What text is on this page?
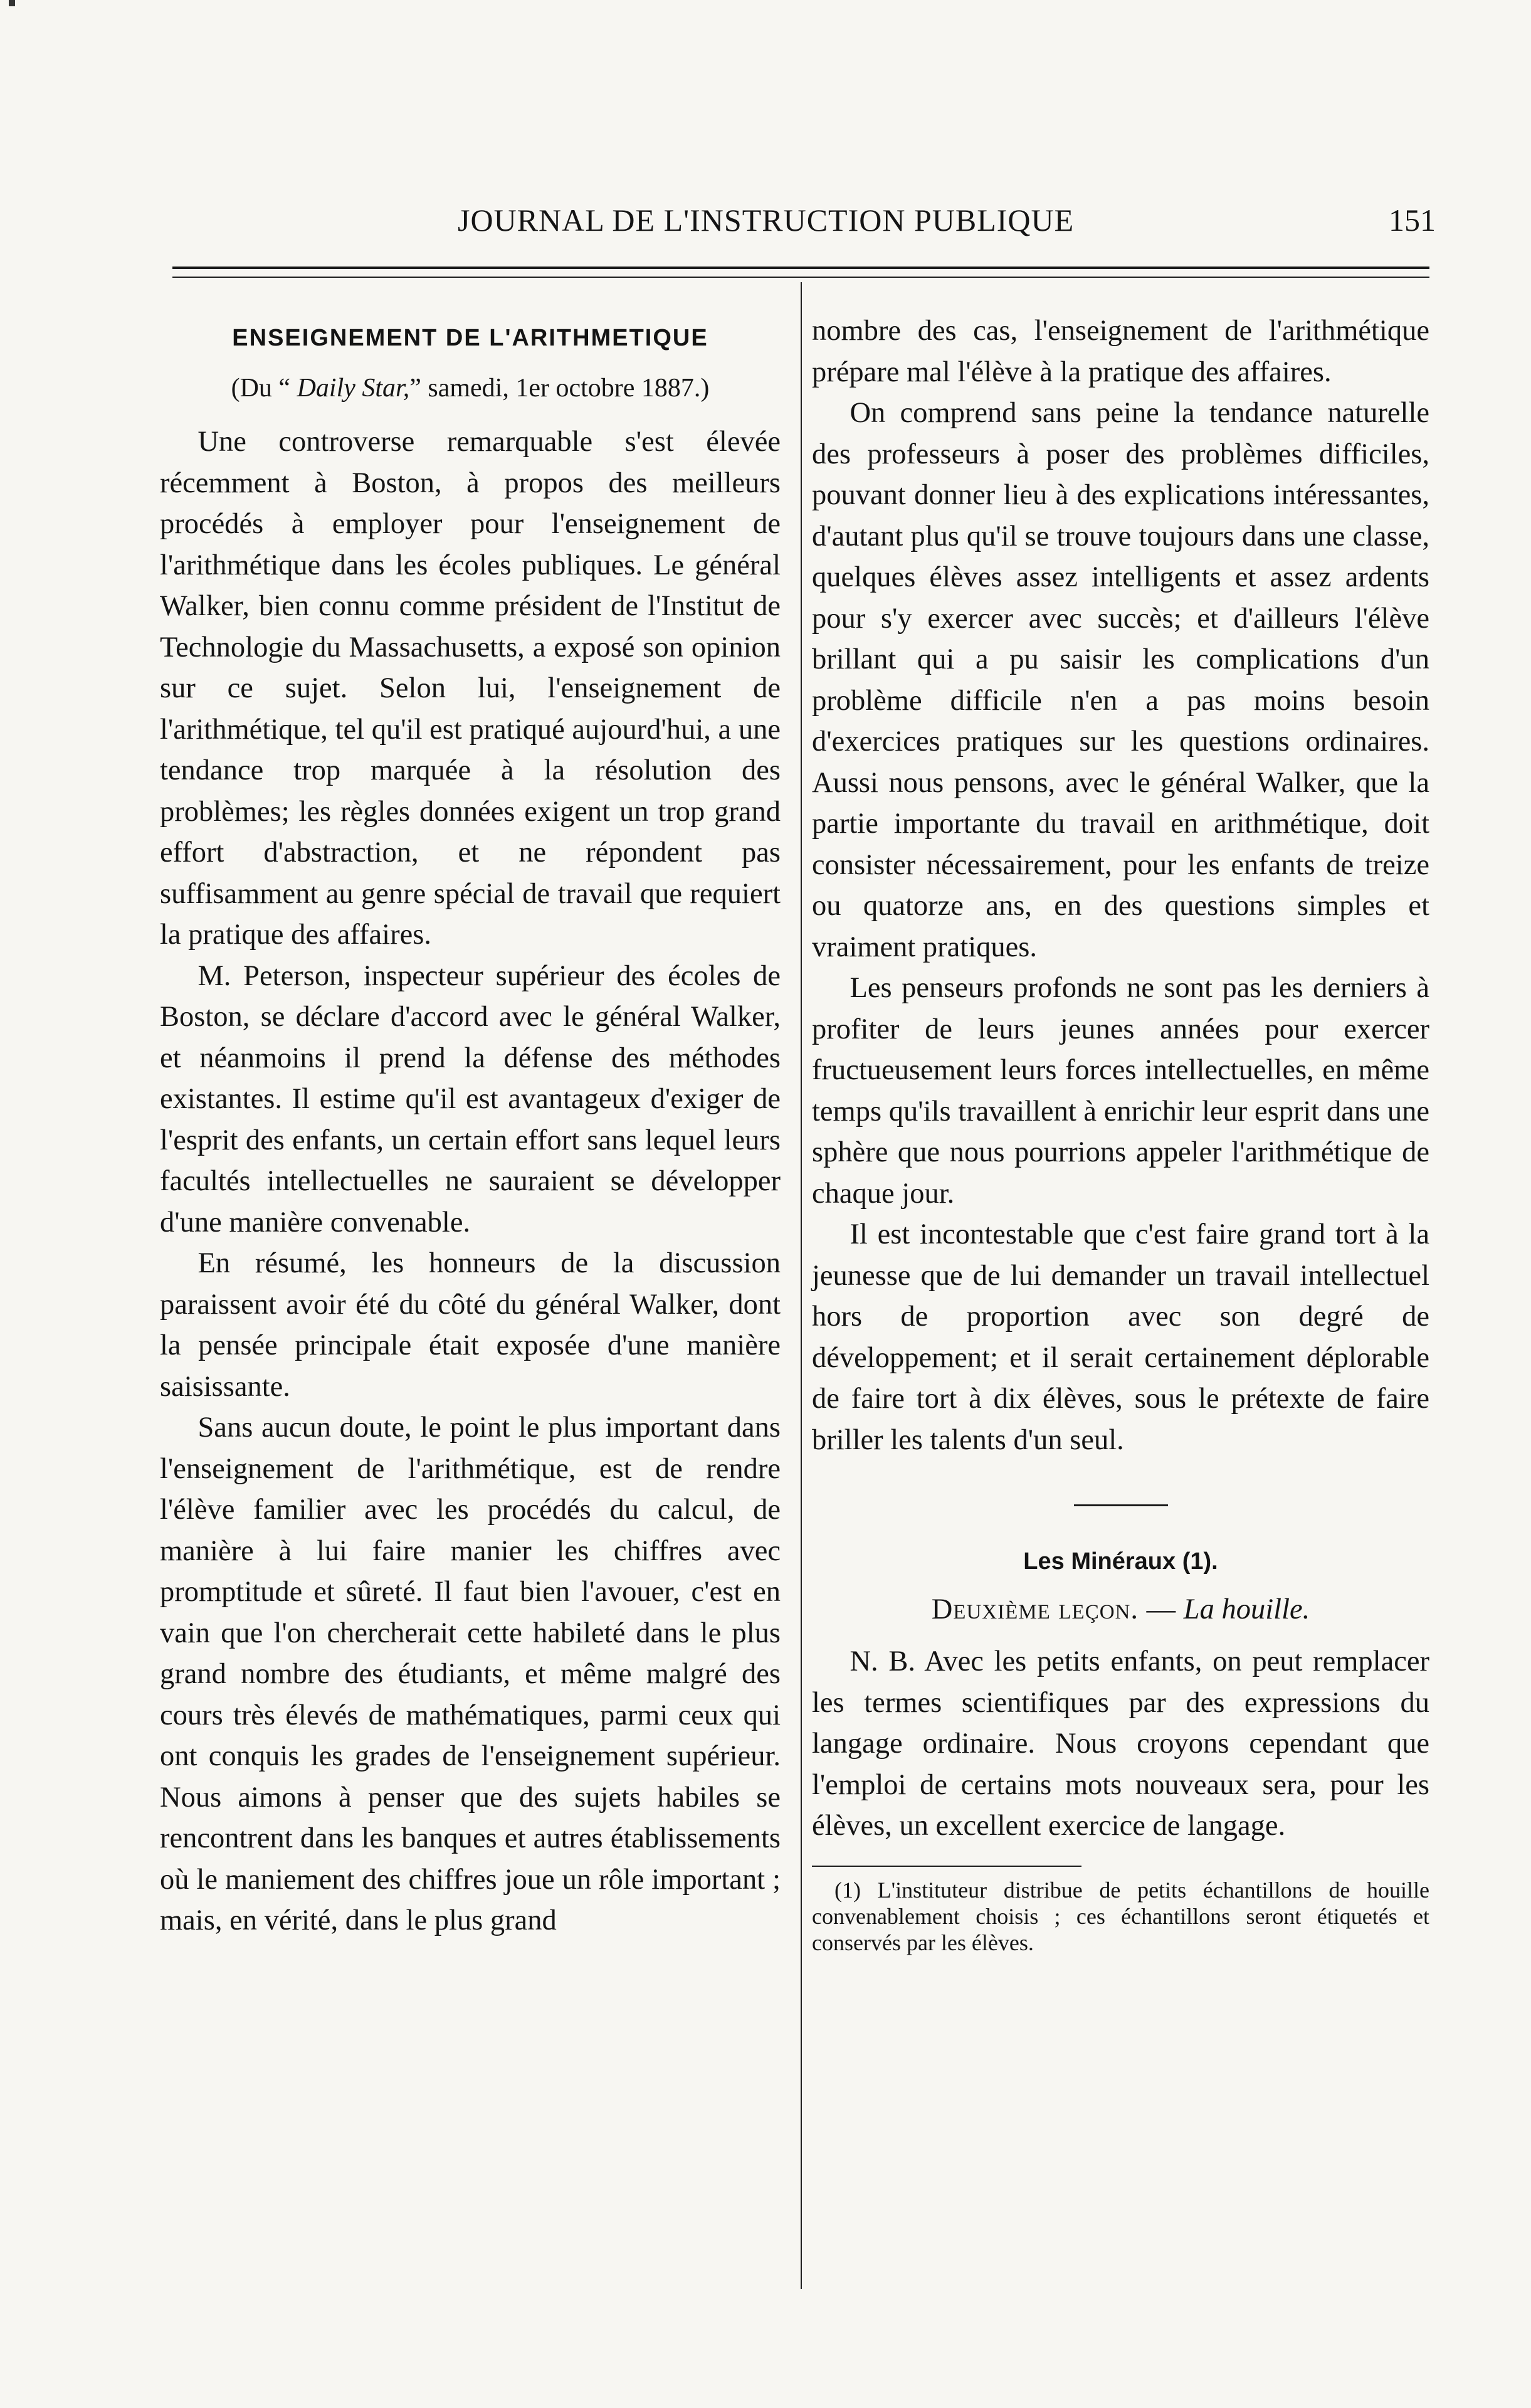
JOURNAL DE L'INSTRUCTION PUBLIQUE	151
ENSEIGNEMENT DE L'ARITHMETIQUE
(Du “ Daily Star,” samedi, 1er octobre 1887.)

Une controverse remarquable s'est élevée récemment à Boston, à propos des meilleurs procédés à employer pour l'enseignement de l'arithmétique dans les écoles publiques. Le général Walker, bien connu comme président de l'Institut de Technologie du Massachusetts, a exposé son opinion sur ce sujet. Selon lui, l'enseignement de l'arithmétique, tel qu'il est pratiqué aujourd'hui, a une tendance trop marquée à la résolution des problèmes; les règles données exigent un trop grand effort d'abstraction, et ne répondent pas suffisamment au genre spécial de travail que requiert la pratique des affaires.

M. Peterson, inspecteur supérieur des écoles de Boston, se déclare d'accord avec le général Walker, et néanmoins il prend la défense des méthodes existantes. Il estime qu'il est avantageux d'exiger de l'esprit des enfants, un certain effort sans lequel leurs facultés intellectuelles ne sauraient se développer d'une manière convenable.

En résumé, les honneurs de la discussion paraissent avoir été du côté du général Walker, dont la pensée principale était exposée d'une manière saisissante.

Sans aucun doute, le point le plus important dans l'enseignement de l'arithmétique, est de rendre l'élève familier avec les procédés du calcul, de manière à lui faire manier les chiffres avec promptitude et sûreté. Il faut bien l'avouer, c'est en vain que l'on chercherait cette habileté dans le plus grand nombre des étudiants, et même malgré des cours très élevés de mathématiques, parmi ceux qui ont conquis les grades de l'enseignement supérieur. Nous aimons à penser que des sujets habiles se rencontrent dans les banques et autres établissements où le maniement des chiffres joue un rôle important ; mais, en vérité, dans le plus grand

nombre des cas, l'enseignement de l'arithmétique prépare mal l'élève à la pratique des affaires.

On comprend sans peine la tendance naturelle des professeurs à poser des problèmes difficiles, pouvant donner lieu à des explications intéressantes, d'autant plus qu'il se trouve toujours dans une classe, quelques élèves assez intelligents et assez ardents pour s'y exercer avec succès; et d'ailleurs l'élève brillant qui a pu saisir les complications d'un problème difficile n'en a pas moins besoin d'exercices pratiques sur les questions ordinaires. Aussi nous pensons, avec le général Walker, que la partie importante du travail en arithmétique, doit consister nécessairement, pour les enfants de treize ou quatorze ans, en des questions simples et vraiment pratiques.

Les penseurs profonds ne sont pas les derniers à profiter de leurs jeunes années pour exercer fructueusement leurs forces intellectuelles, en même temps qu'ils travaillent à enrichir leur esprit dans une sphère que nous pourrions appeler l'arithmétique de chaque jour.

Il est incontestable que c'est faire grand tort à la jeunesse que de lui demander un travail intellectuel hors de proportion avec son degré de développement; et il serait certainement déplorable de faire tort à dix élèves, sous le prétexte de faire briller les talents d'un seul.

Les Minéraux (1).
Deuxième leçon. — La houille.

N. B. Avec les petits enfants, on peut remplacer les termes scientifiques par des expressions du langage ordinaire. Nous croyons cependant que l'emploi de certains mots nouveaux sera, pour les élèves, un excellent exercice de langage.

(1) L'instituteur distribue de petits échantillons de houille convenablement choisis ; ces échantillons seront étiquetés et conservés par les élèves.
